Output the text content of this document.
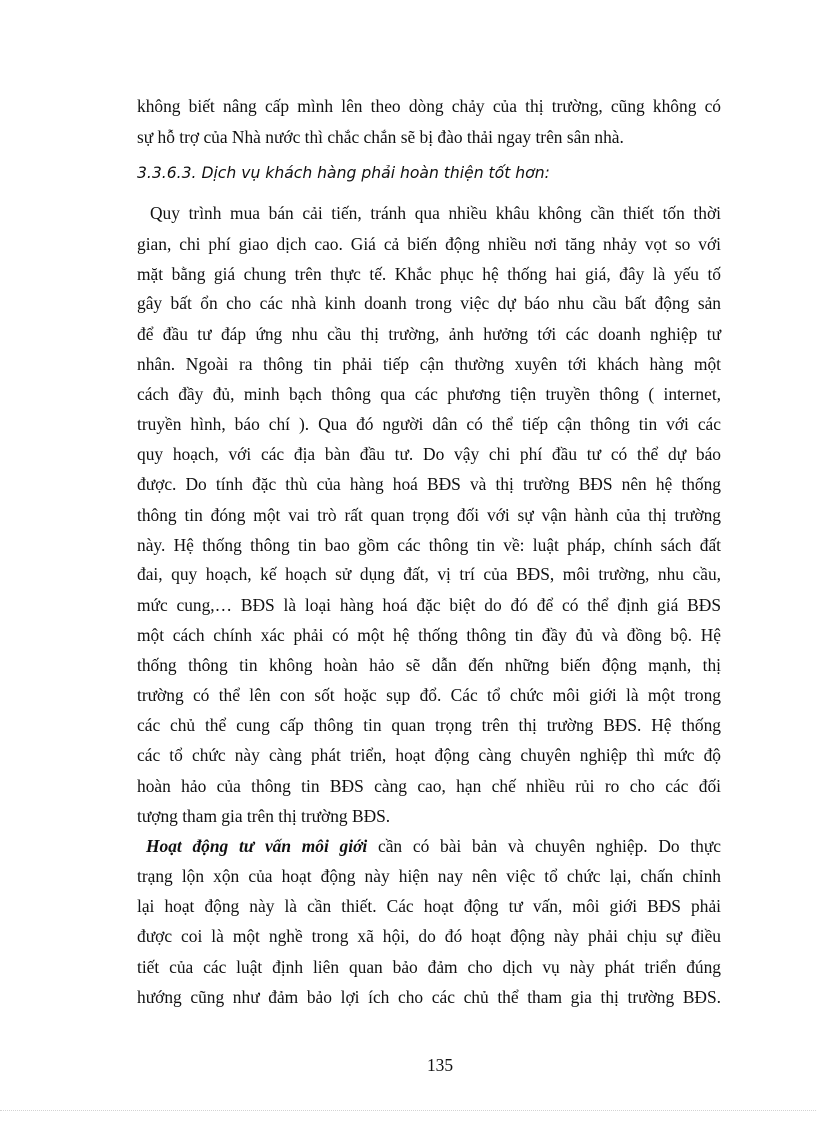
không biết nâng cấp mình lên theo dòng chảy của thị trường, cũng không có
sự hỗ trợ của Nhà nước thì chắc chắn sẽ bị đào thải ngay trên sân nhà.
3.3.6.3. Dịch vụ khách hàng phải hoàn thiện tốt hơn:
Quy trình mua bán cải tiến, tránh qua nhiều khâu không cần thiết tốn thời
gian, chi phí giao dịch cao. Giá cả biến động nhiều nơi tăng nhảy vọt so với
mặt bằng giá chung trên thực tế. Khắc phục hệ thống hai giá, đây là yếu tố
gây bất ổn cho các nhà kinh doanh trong việc dự báo nhu cầu bất động sản
để đầu tư đáp ứng nhu cầu thị trường, ảnh hưởng tới các doanh nghiệp tư
nhân. Ngoài ra thông tin phải tiếp cận thường xuyên tới khách hàng một
cách đầy đủ, minh bạch thông qua các phương tiện truyền thông ( internet,
truyền hình, báo chí ). Qua đó người dân có thể tiếp cận thông tin với các
quy hoạch, với các địa bàn đầu tư. Do vậy chi phí đầu tư có thể dự báo
được. Do tính đặc thù của hàng hoá BĐS và thị trường BĐS nên hệ thống
thông tin đóng một vai trò rất quan trọng đối với sự vận hành của thị trường
này. Hệ thống thông tin bao gồm các thông tin về: luật pháp, chính sách đất
đai, quy hoạch, kế hoạch sử dụng đất, vị trí của BĐS, môi trường, nhu cầu,
mức cung,… BĐS là loại hàng hoá đặc biệt do đó để có thể định giá BĐS
một cách chính xác phải có một hệ thống thông tin đầy đủ và đồng bộ. Hệ
thống thông tin không hoàn hảo sẽ dẫn đến những biến động mạnh, thị
trường có thể lên con sốt hoặc sụp đổ. Các tổ chức môi giới là một trong
các chủ thể cung cấp thông tin quan trọng trên thị trường BĐS. Hệ thống
các tổ chức này càng phát triển, hoạt động càng chuyên nghiệp thì mức độ
hoàn hảo của thông tin BĐS càng cao, hạn chế nhiều rủi ro cho các đối
tượng tham gia trên thị trường BĐS.
Hoạt động tư vấn môi giới cần có bài bản và chuyên nghiệp. Do thực
trạng lộn xộn của hoạt động này hiện nay nên việc tổ chức lại, chấn chỉnh
lại hoạt động này là cần thiết. Các hoạt động tư vấn, môi giới BĐS phải
được coi là một nghề trong xã hội, do đó hoạt động này phải chịu sự điều
tiết của các luật định liên quan bảo đảm cho dịch vụ này phát triển đúng
hướng cũng như đảm bảo lợi ích cho các chủ thể tham gia thị trường BĐS.
135
